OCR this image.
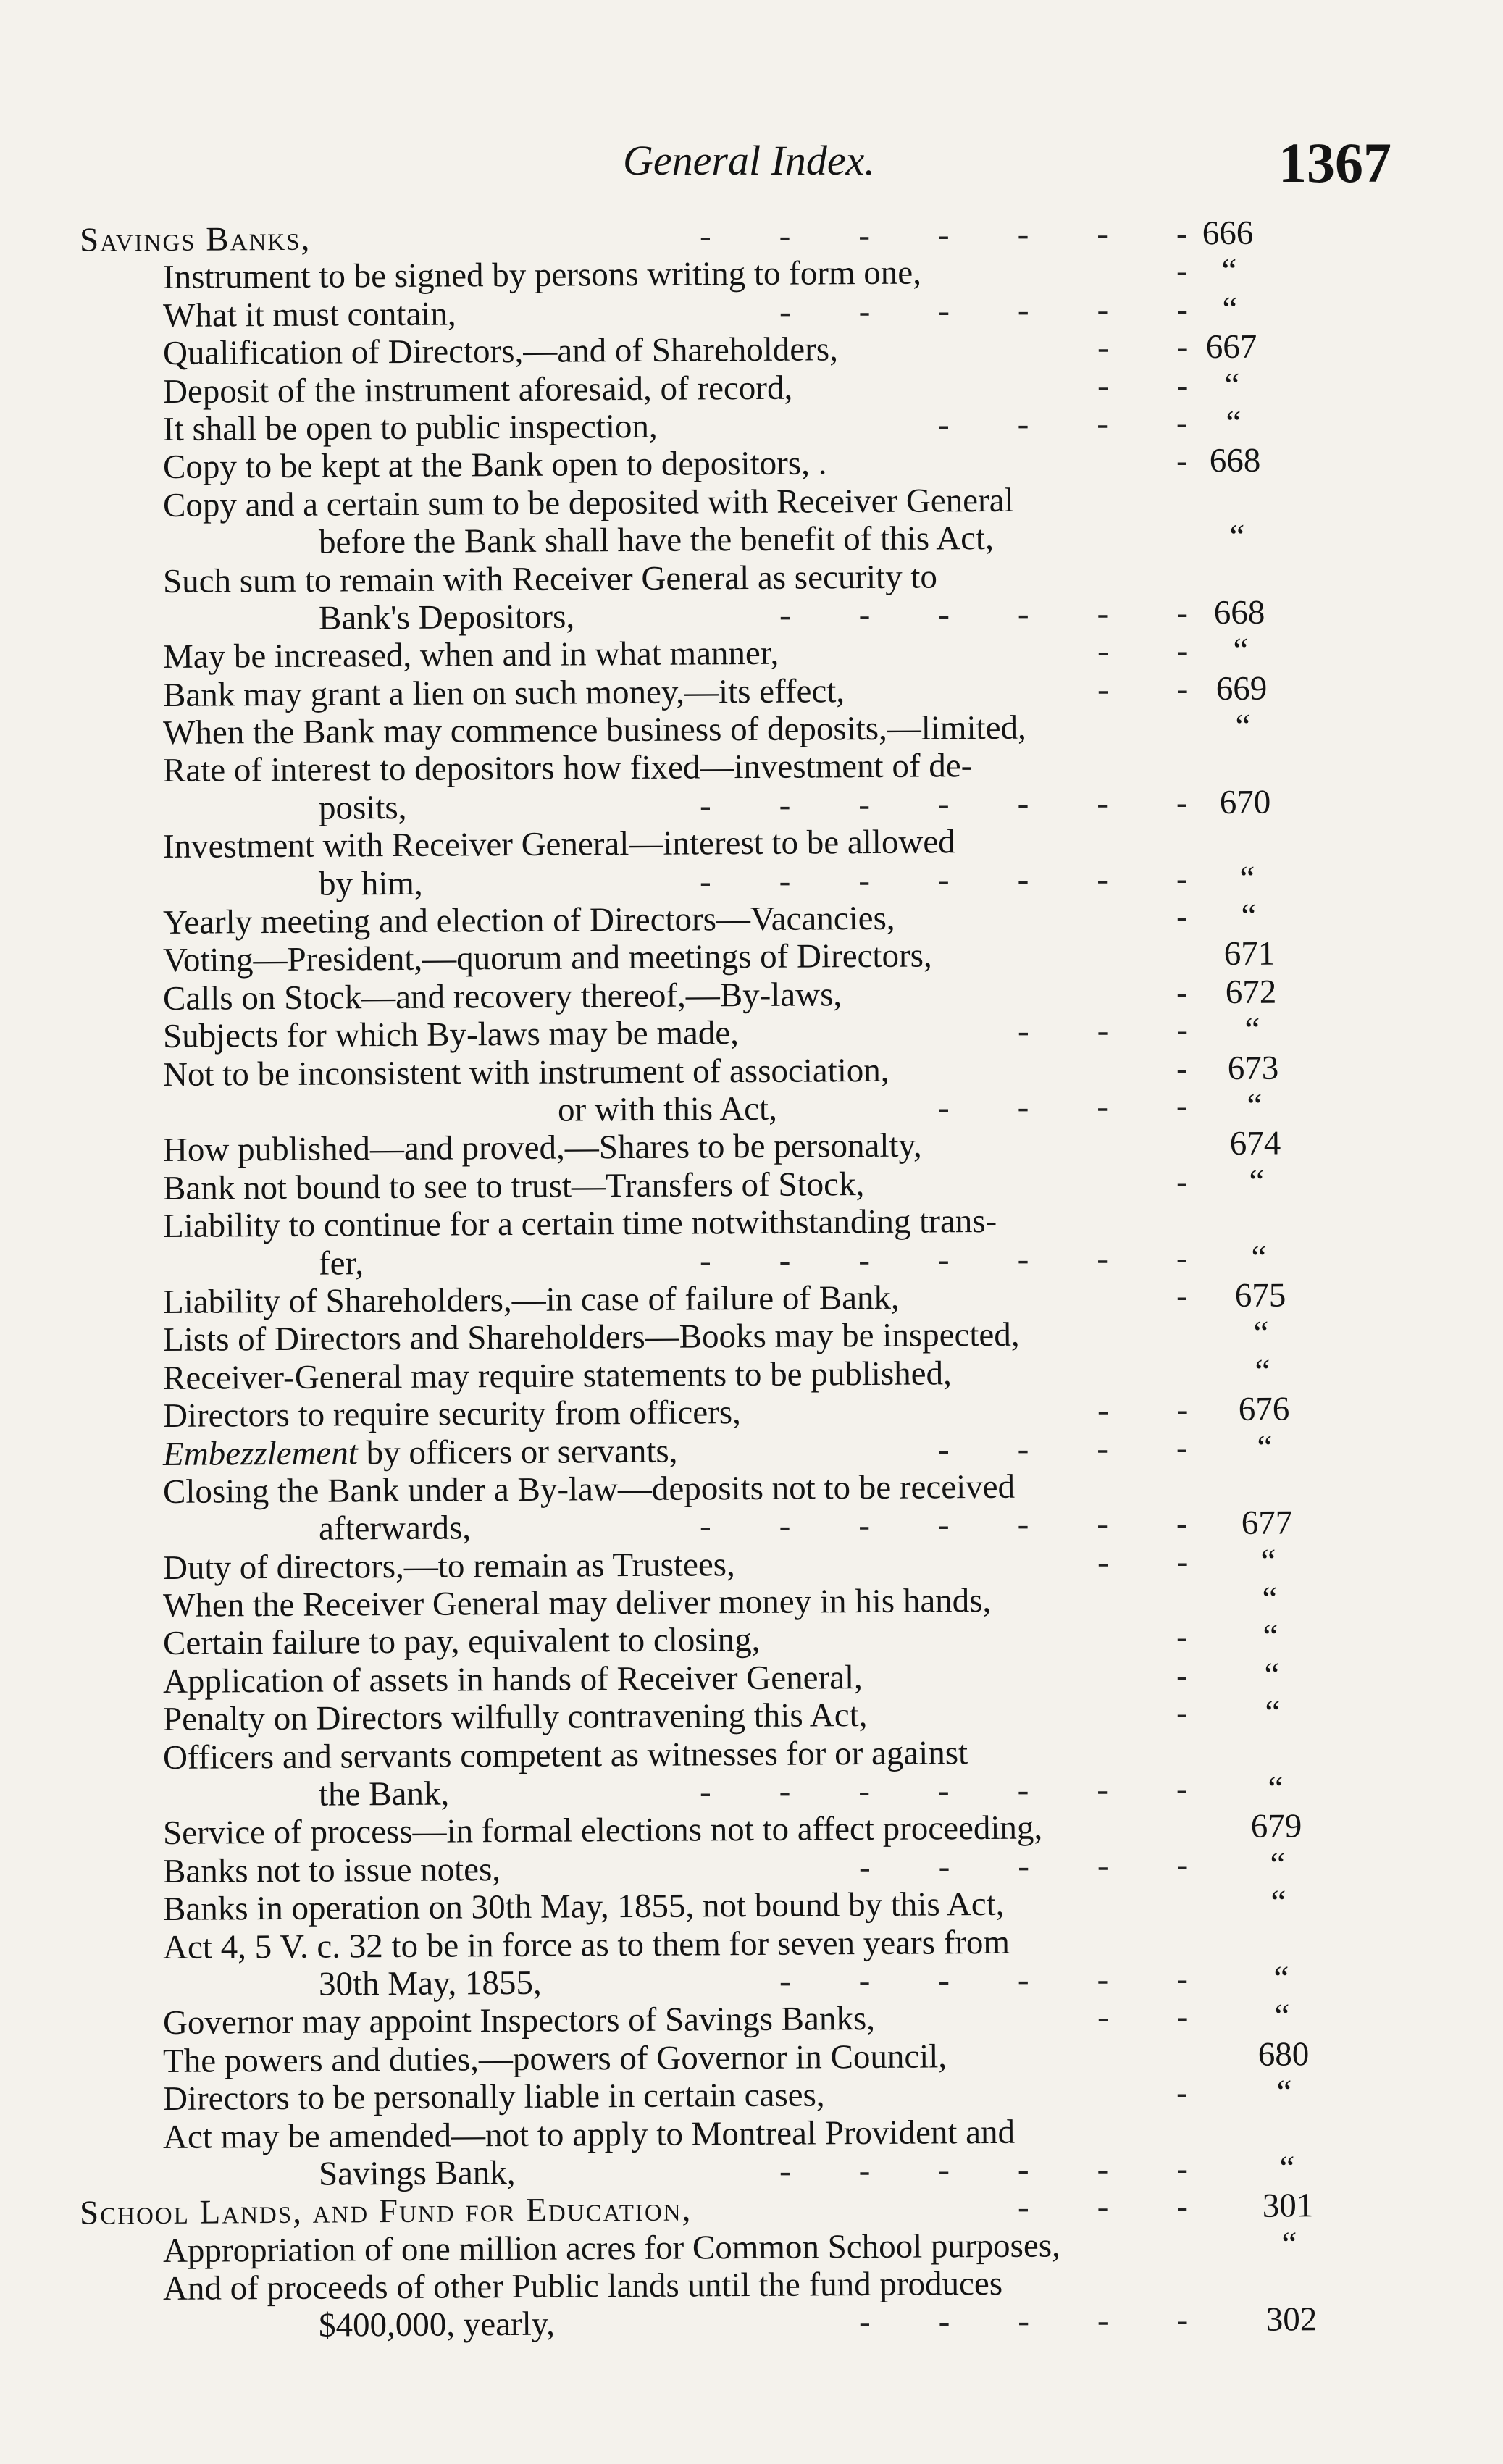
General Index.	1367
Savings Banks,	-  -  -  -  -  -  - 666
Instrument to be signed by persons writing to form one,	- “
What it must contain,	-  -  -  -  -  -	“
Qualification of Directors,—and of Shareholders,	-  - 667
Deposit of the instrument aforesaid, of record,	-  -	“
It shall be open to public inspection,	-  -  -  -	“
Copy to be kept at the Bank open to depositors, .	- 668
Copy and a certain sum to be deposited with Receiver General
before the Bank shall have the benefit of this Act,	“
Such sum to remain with Receiver General as security to
Bank's Depositors,	-  -  -  -  -  - 668
May be increased, when and in what manner,	-  -	“
Bank may grant a lien on such money,—its effect,	-  - 669
When the Bank may commence business of deposits,—limited,	“
Rate of interest to depositors how fixed—investment of de-
posits,	-  -  -  -  -  -  - 670
Investment with Receiver General—interest to be allowed
by him,	-  -  -  -  -  -  -	“
Yearly meeting and election of Directors—Vacancies,	-	“
Voting—President,—quorum and meetings of Directors,	671
Calls on Stock—and recovery thereof,—By-laws,	- 672
Subjects for which By-laws may be made,	-  -  -	“
Not to be inconsistent with instrument of association,	- 673
or with this Act,	-  -  -  -	“
How published—and proved,—Shares to be personalty,	674
Bank not bound to see to trust—Transfers of Stock,	-	“
Liability to continue for a certain time notwithstanding trans-
fer,	-  -  -  -  -  -  -	“
Liability of Shareholders,—in case of failure of Bank,	- 675
Lists of Directors and Shareholders—Books may be inspected,	“
Receiver-General may require statements to be published,	“
Directors to require security from officers,	-  - 676
Embezzlement by officers or servants,	-  -  -  -	“
Closing the Bank under a By-law—deposits not to be received
afterwards,	-  -  -  -  -  -  - 677
Duty of directors,—to remain as Trustees,	-  -	“
When the Receiver General may deliver money in his hands,	“
Certain failure to pay, equivalent to closing,	-	“
Application of assets in hands of Receiver General,	-	“
Penalty on Directors wilfully contravening this Act,	-	“
Officers and servants competent as witnesses for or against
the Bank,	-  -  -  -  -  -  -	“
Service of process—in formal elections not to affect proceeding,	679
Banks not to issue notes,	-  -  -  -  -	“
Banks in operation on 30th May, 1855, not bound by this Act,	“
Act 4, 5 V. c. 32 to be in force as to them for seven years from
30th May, 1855,	-  -  -  -  -  -	“
Governor may appoint Inspectors of Savings Banks,	-  -	“
The powers and duties,—powers of Governor in Council,	680
Directors to be personally liable in certain cases,	-	“
Act may be amended—not to apply to Montreal Provident and
Savings Bank,	-  -  -  -  -  -	“
School Lands, and Fund for Education,	-  -  - 301
Appropriation of one million acres for Common School purposes,	“
And of proceeds of other Public lands until the fund produces
$400,000, yearly,	-  -  -  -  - 302
